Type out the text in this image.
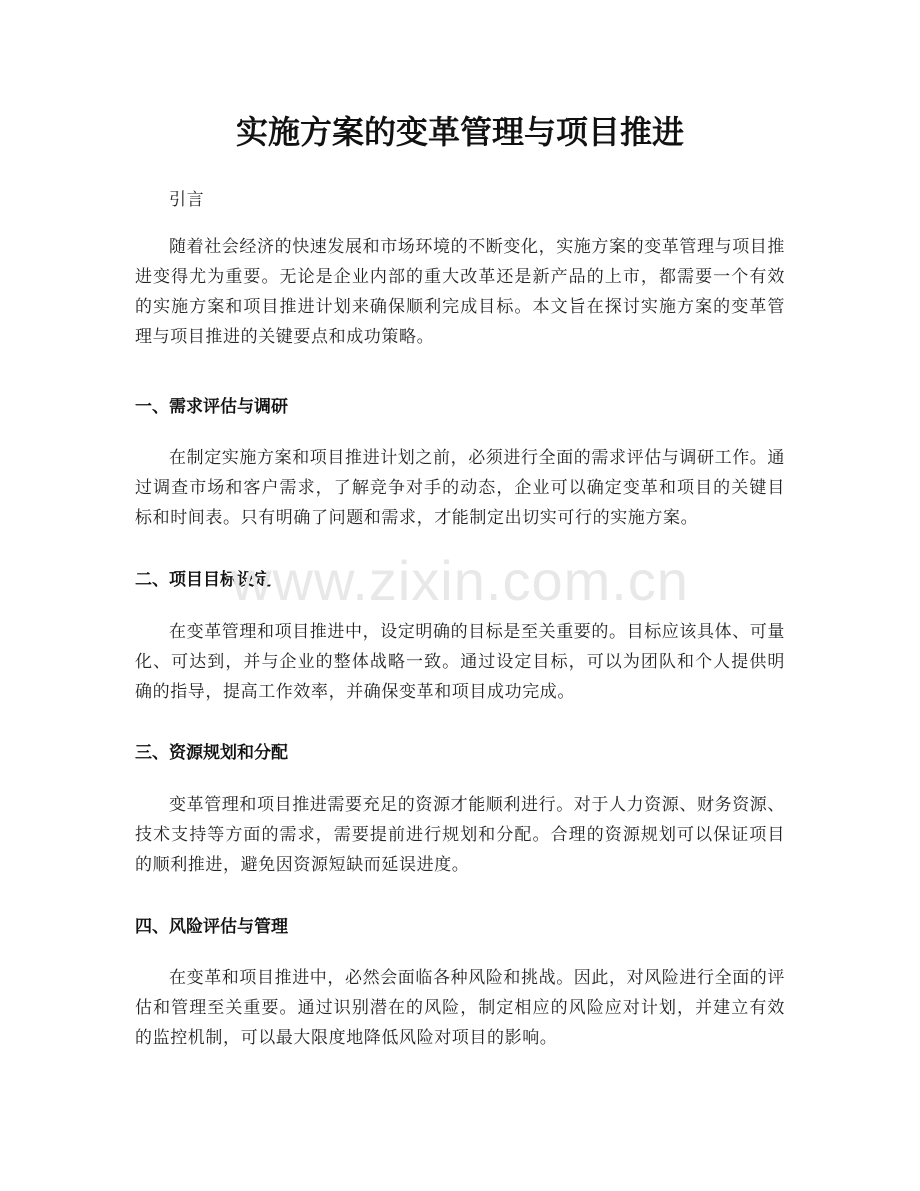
实施方案的变革管理与项目推进

引言

随着社会经济的快速发展和市场环境的不断变化，实施方案的变革管理与项目推进变得尤为重要。无论是企业内部的重大改革还是新产品的上市，都需要一个有效的实施方案和项目推进计划来确保顺利完成目标。本文旨在探讨实施方案的变革管理与项目推进的关键要点和成功策略。

一、需求评估与调研

在制定实施方案和项目推进计划之前，必须进行全面的需求评估与调研工作。通过调查市场和客户需求，了解竞争对手的动态，企业可以确定变革和项目的关键目标和时间表。只有明确了问题和需求，才能制定出切实可行的实施方案。

二、项目目标设定

在变革管理和项目推进中，设定明确的目标是至关重要的。目标应该具体、可量化、可达到，并与企业的整体战略一致。通过设定目标，可以为团队和个人提供明确的指导，提高工作效率，并确保变革和项目成功完成。

三、资源规划和分配

变革管理和项目推进需要充足的资源才能顺利进行。对于人力资源、财务资源、技术支持等方面的需求，需要提前进行规划和分配。合理的资源规划可以保证项目的顺利推进，避免因资源短缺而延误进度。

四、风险评估与管理

在变革和项目推进中，必然会面临各种风险和挑战。因此，对风险进行全面的评估和管理至关重要。通过识别潜在的风险，制定相应的风险应对计划，并建立有效的监控机制，可以最大限度地降低风险对项目的影响。

www.zixin.com.cn
